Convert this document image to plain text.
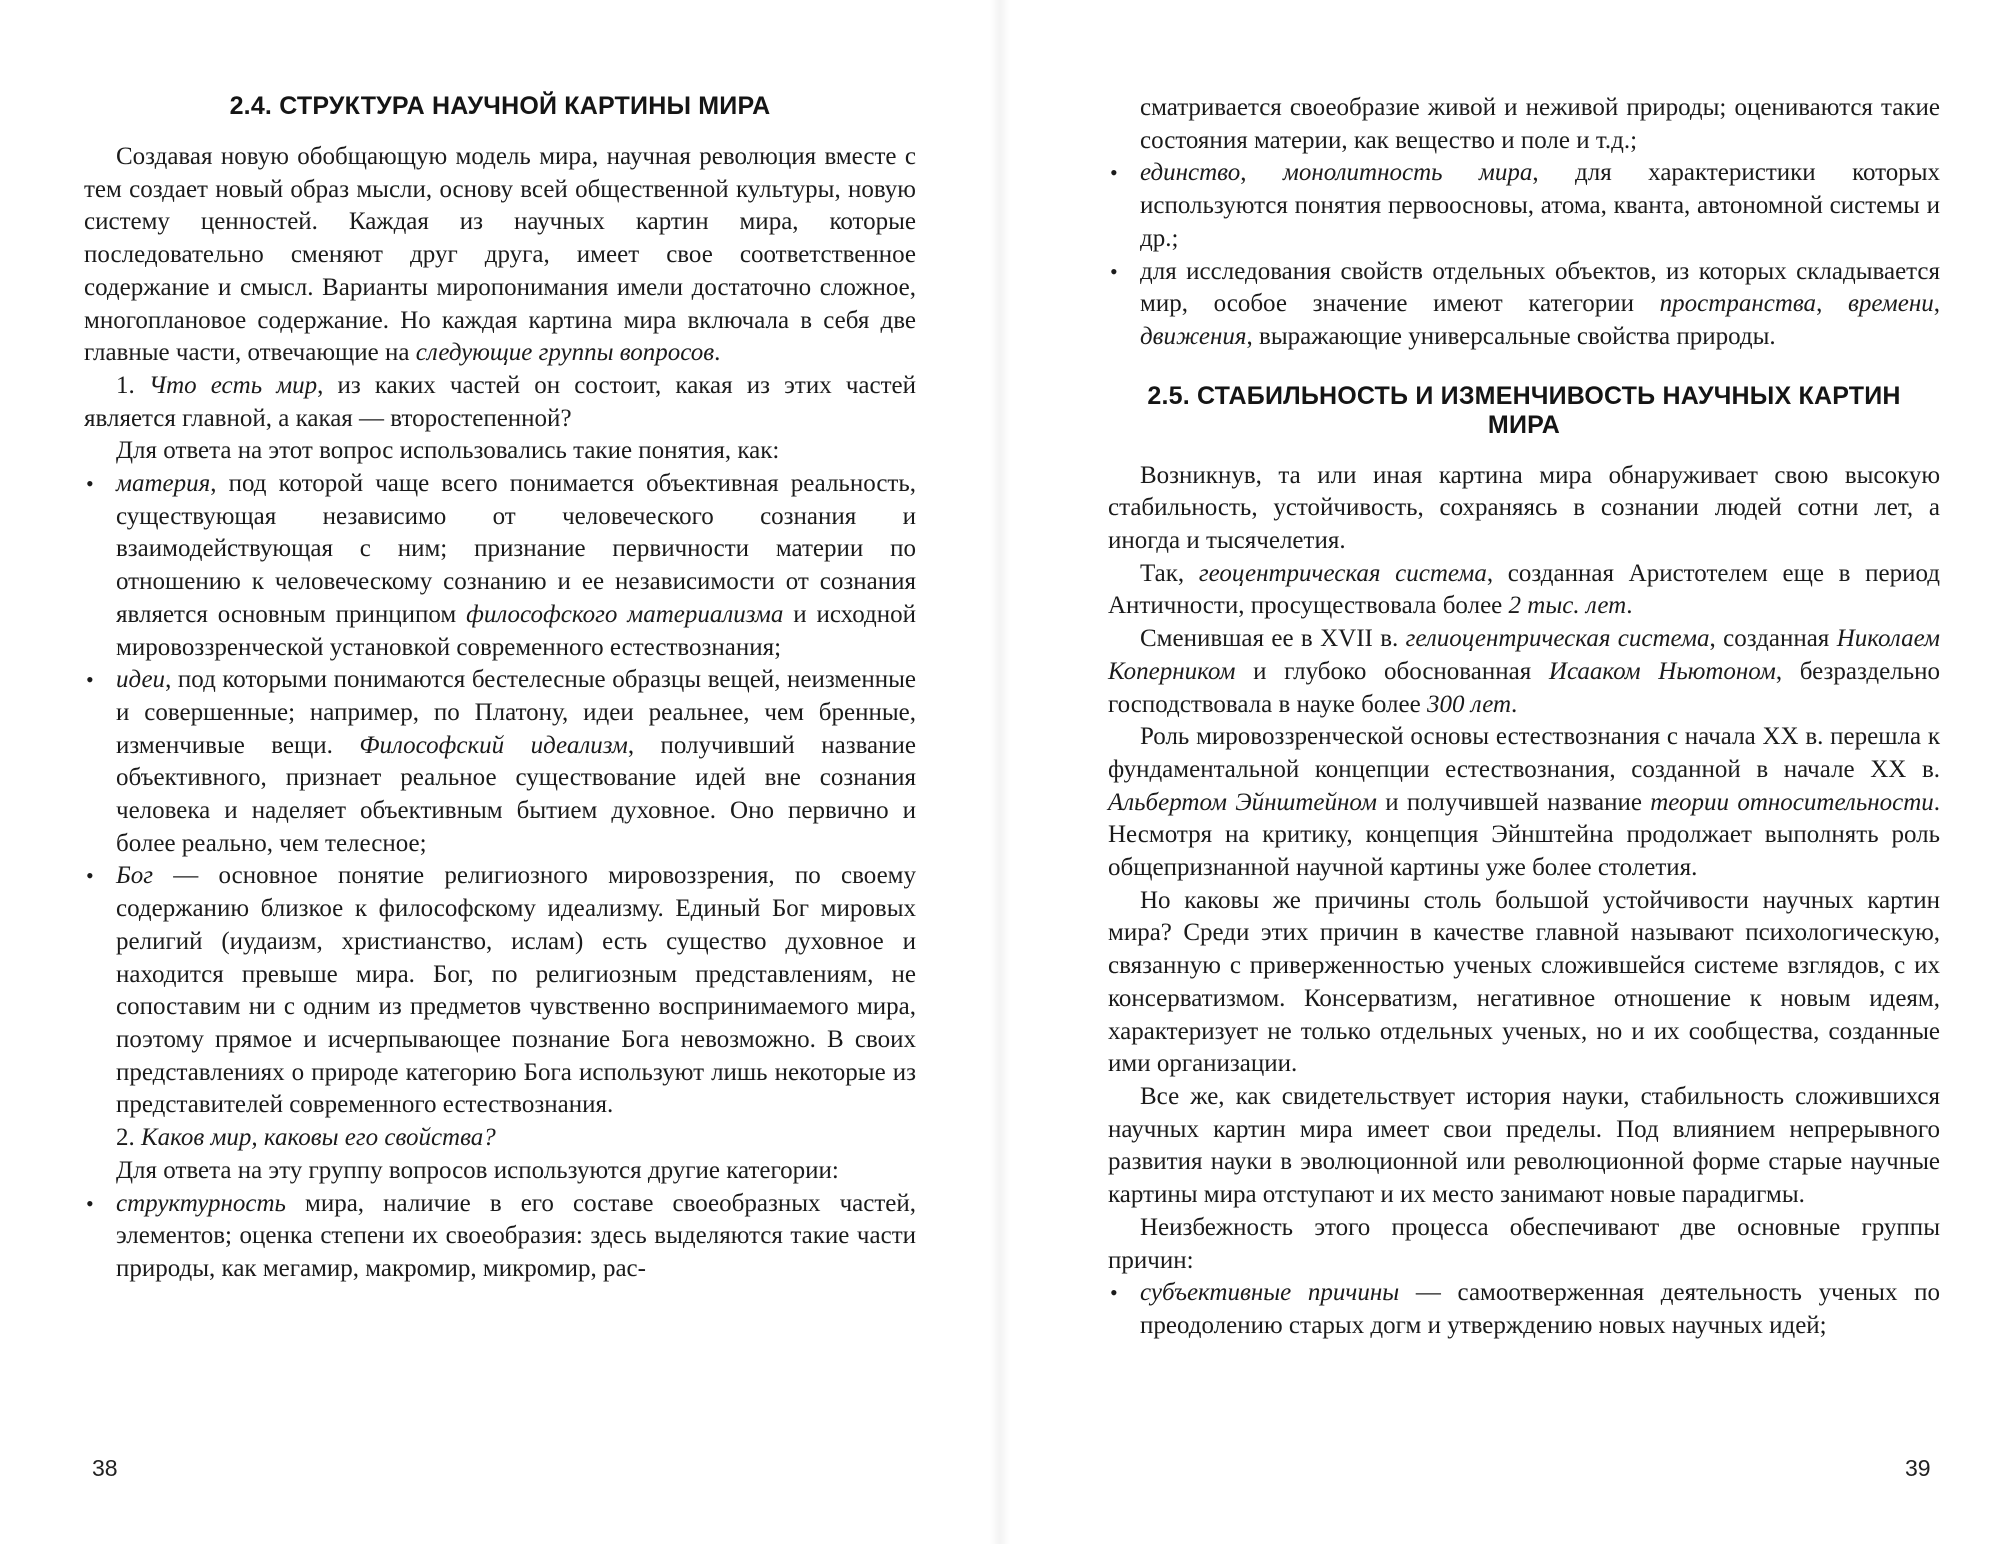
2.4. СТРУКТУРА НАУЧНОЙ КАРТИНЫ МИРА

Создавая новую обобщающую модель мира, научная революция вместе с тем создает новый образ мысли, основу всей общественной культуры, новую систему ценностей. Каждая из научных картин мира, которые последовательно сменяют друг друга, имеет свое соответственное содержание и смысл. Варианты миропонимания имели достаточно сложное, многоплановое содержание. Но каждая картина мира включала в себя две главные части, отвечающие на следующие группы вопросов.

1. Что есть мир, из каких частей он состоит, какая из этих частей является главной, а какая — второстепенной?

Для ответа на этот вопрос использовались такие понятия, как:

• материя, под которой чаще всего понимается объективная реальность, существующая независимо от человеческого сознания и взаимодействующая с ним; признание первичности материи по отношению к человеческому сознанию и ее независимости от сознания является основным принципом философского материализма и исходной мировоззренческой установкой современного естествознания;
• идеи, под которыми понимаются бестелесные образцы вещей, неизменные и совершенные; например, по Платону, идеи реальнее, чем бренные, изменчивые вещи. Философский идеализм, получивший название объективного, признает реальное существование идей вне сознания человека и наделяет объективным бытием духовное. Оно первично и более реально, чем телесное;
• Бог — основное понятие религиозного мировоззрения, по своему содержанию близкое к философскому идеализму. Единый Бог мировых религий (иудаизм, христианство, ислам) есть существо духовное и находится превыше мира. Бог, по религиозным представлениям, не сопоставим ни с одним из предметов чувственно воспринимаемого мира, поэтому прямое и исчерпывающее познание Бога невозможно. В своих представлениях о природе категорию Бога используют лишь некоторые из представителей современного естествознания.

2. Каков мир, каковы его свойства?

Для ответа на эту группу вопросов используются другие категории:

• структурность мира, наличие в его составе своеобразных частей, элементов; оценка степени их своеобразия: здесь выделяются такие части природы, как мегамир, макромир, микромир, рас-
38
сматривается своеобразие живой и неживой природы; оцениваются такие состояния материи, как вещество и поле и т.д.;
• единство, монолитность мира, для характеристики которых используются понятия первоосновы, атома, кванта, автономной системы и др.;
• для исследования свойств отдельных объектов, из которых складывается мир, особое значение имеют категории пространства, времени, движения, выражающие универсальные свойства природы.
2.5. СТАБИЛЬНОСТЬ И ИЗМЕНЧИВОСТЬ НАУЧНЫХ КАРТИН МИРА

Возникнув, та или иная картина мира обнаруживает свою высокую стабильность, устойчивость, сохраняясь в сознании людей сотни лет, а иногда и тысячелетия.

Так, геоцентрическая система, созданная Аристотелем еще в период Античности, просуществовала более 2 тыс. лет.

Сменившая ее в XVII в. гелиоцентрическая система, созданная Николаем Коперником и глубоко обоснованная Исааком Ньютоном, безраздельно господствовала в науке более 300 лет.

Роль мировоззренческой основы естествознания с начала XX в. перешла к фундаментальной концепции естествознания, созданной в начале XX в. Альбертом Эйнштейном и получившей название теории относительности. Несмотря на критику, концепция Эйнштейна продолжает выполнять роль общепризнанной научной картины уже более столетия.

Но каковы же причины столь большой устойчивости научных картин мира? Среди этих причин в качестве главной называют психологическую, связанную с приверженностью ученых сложившейся системе взглядов, с их консерватизмом. Консерватизм, негативное отношение к новым идеям, характеризует не только отдельных ученых, но и их сообщества, созданные ими организации.

Все же, как свидетельствует история науки, стабильность сложившихся научных картин мира имеет свои пределы. Под влиянием непрерывного развития науки в эволюционной или революционной форме старые научные картины мира отступают и их место занимают новые парадигмы.

Неизбежность этого процесса обеспечивают две основные группы причин:

• субъективные причины — самоотверженная деятельность ученых по преодолению старых догм и утверждению новых научных идей;
39
